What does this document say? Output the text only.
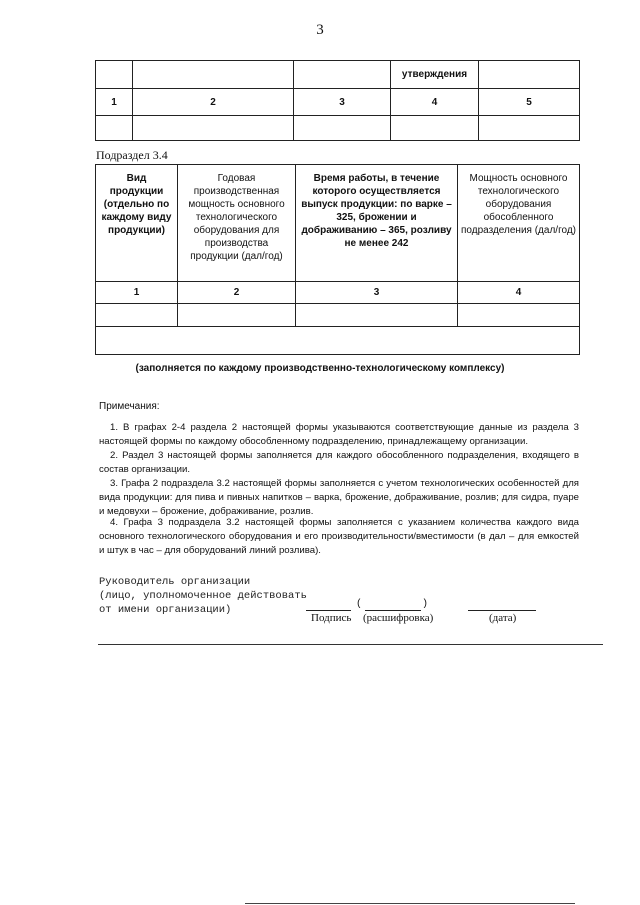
3
			утверждения	
1	2	3	4	5

Подраздел 3.4
Вид продукции (отдельно по каждому виду продукции)	Годовая производственная мощность основного технологического оборудования для производства продукции (дал/год)	Время работы, в течение которого осуществляется выпуск продукции: по варке – 325, брожении и дображиванию – 365, розливу не менее 242	Мощность основного технологического оборудования обособленного подразделения (дал/год)
1	2	3	4

(заполняется по каждому производственно-технологическому комплексу)
Примечания:
1. В графах 2-4 раздела 2 настоящей формы указываются соответствующие данные из раздела 3 настоящей формы по каждому обособленному подразделению, принадлежащему организации.
2. Раздел 3 настоящей формы заполняется для каждого обособленного подразделения, входящего в состав организации.
3. Графа 2 подраздела 3.2 настоящей формы заполняется с учетом технологических особенностей для вида продукции: для пива и пивных напитков – варка, брожение, дображивание, розлив; для сидра, пуаре и медовухи – брожение, дображивание, розлив.
4. Графа 3 подраздела 3.2 настоящей формы заполняется с указанием количества каждого вида основного технологического оборудования и его производительности/вместимости (в дал – для емкостей и штук в час – для оборудований линий розлива).
Руководитель организации
(лицо, уполномоченное действовать
от имени организации)	(	)
Подпись (расшифровка)	(дата)
